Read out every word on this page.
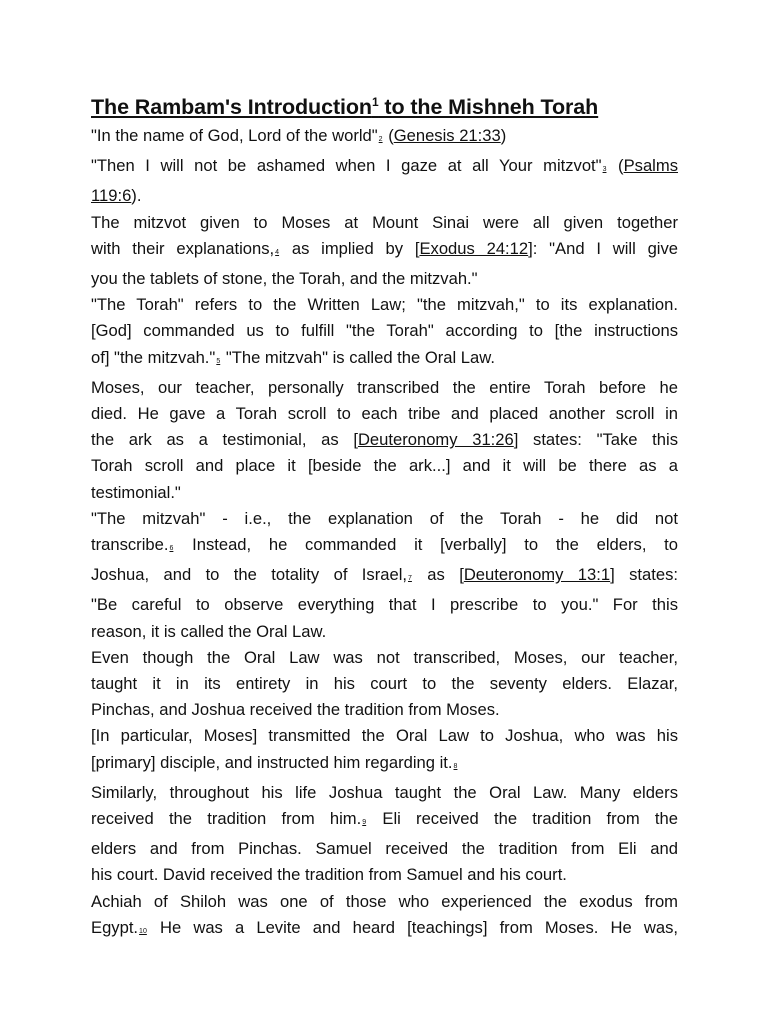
The Rambam's Introduction$^1$ to the Mishneh Torah

"In the name of God, Lord of the world"2 (Genesis 21:33)

"Then I will not be ashamed when I gaze at all Your mitzvot"3 (Psalms
119:6).

The mitzvot given to Moses at Mount Sinai were all given together
with their explanations,4 as implied by [Exodus 24:12]: "And I will give
you the tablets of stone, the Torah, and the mitzvah."

"The Torah" refers to the Written Law; "the mitzvah," to its explanation.
[God] commanded us to fulfill "the Torah" according to [the instructions
of] "the mitzvah."5 "The mitzvah" is called the Oral Law.

Moses, our teacher, personally transcribed the entire Torah before he
died. He gave a Torah scroll to each tribe and placed another scroll in
the ark as a testimonial, as [Deuteronomy 31:26] states: "Take this
Torah scroll and place it [beside the ark...] and it will be there as a
testimonial."

"The mitzvah" - i.e., the explanation of the Torah - he did not
transcribe.6 Instead, he commanded it [verbally] to the elders, to
Joshua, and to the totality of Israel,7 as [Deuteronomy 13:1] states:
"Be careful to observe everything that I prescribe to you." For this
reason, it is called the Oral Law.

Even though the Oral Law was not transcribed, Moses, our teacher,
taught it in its entirety in his court to the seventy elders. Elazar,
Pinchas, and Joshua received the tradition from Moses.

[In particular, Moses] transmitted the Oral Law to Joshua, who was his
[primary] disciple, and instructed him regarding it.8

Similarly, throughout his life Joshua taught the Oral Law. Many elders
received the tradition from him.9 Eli received the tradition from the
elders and from Pinchas. Samuel received the tradition from Eli and
his court. David received the tradition from Samuel and his court.

Achiah of Shiloh was one of those who experienced the exodus from
Egypt.10 He was a Levite and heard [teachings] from Moses. He was,
